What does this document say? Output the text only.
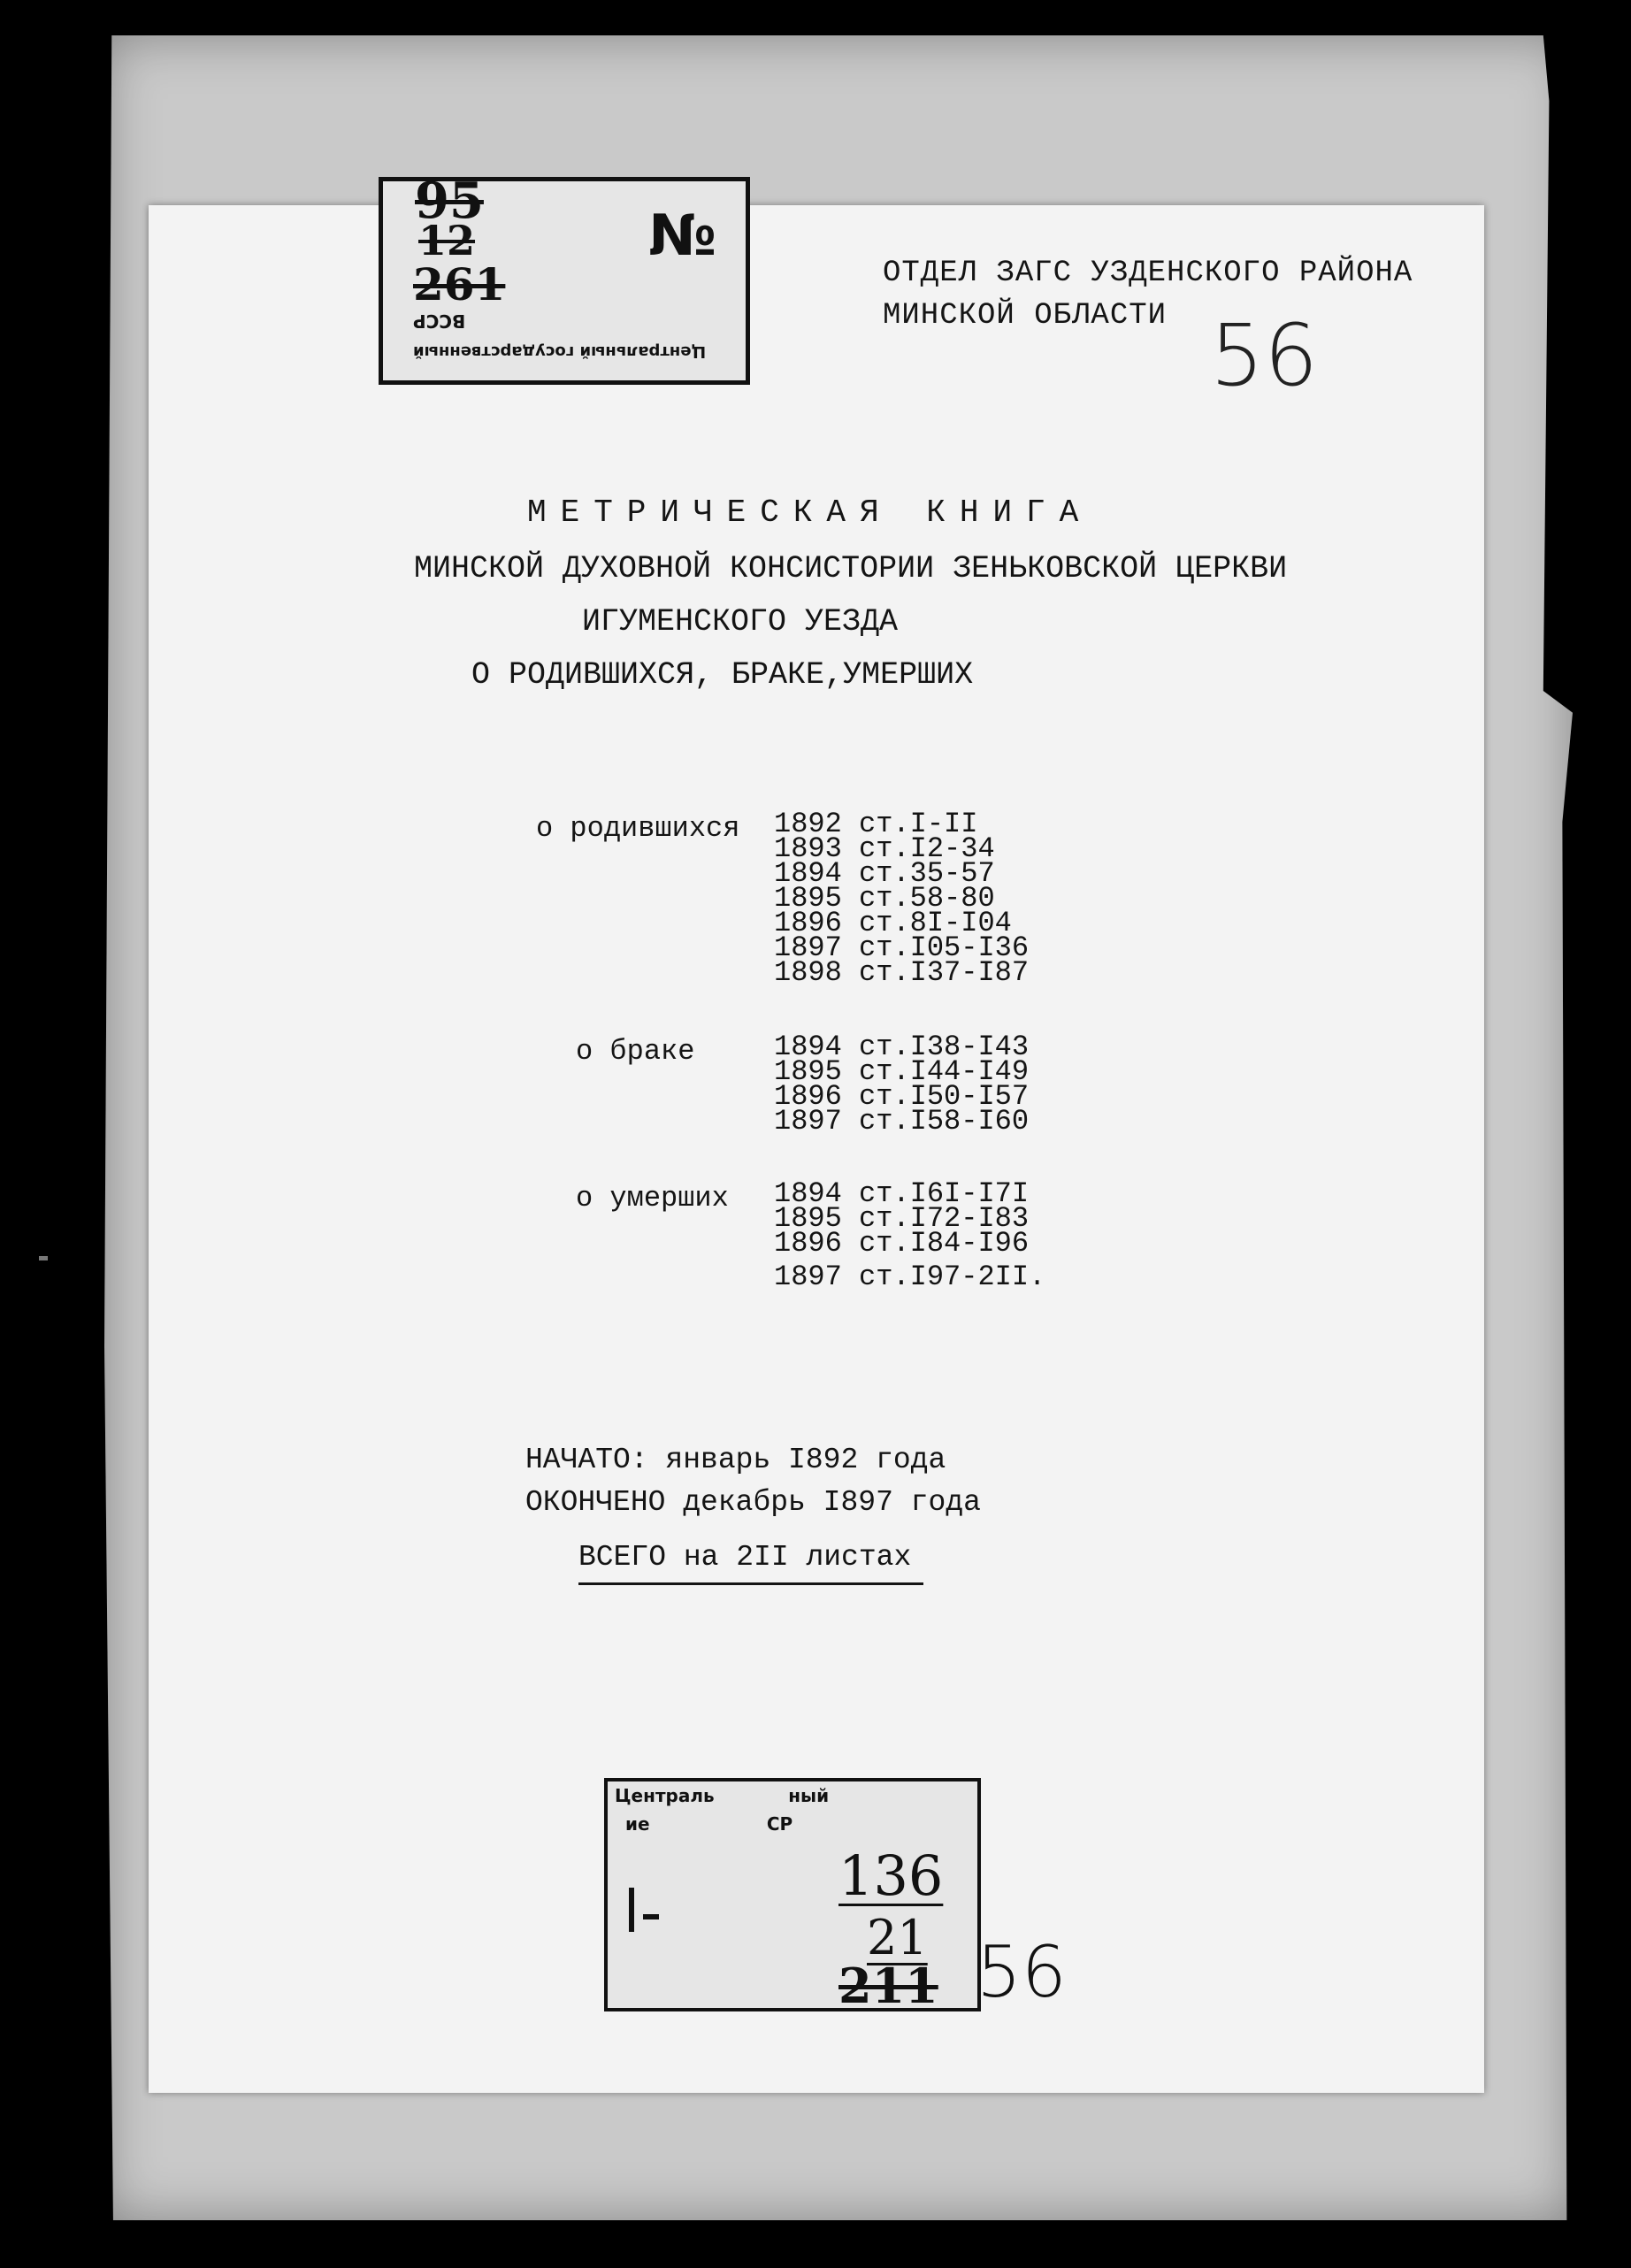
95
12
261
ВССР
Центральный государственный
№
ОТДЕЛ ЗАГС УЗДЕНСКОГО РАЙОНА
МИНСКОЙ ОБЛАСТИ 56
МЕТРИЧЕСКАЯ КНИГА
МИНСКОЙ ДУХОВНОЙ КОНСИСТОРИИ ЗЕНЬКОВСКОЙ ЦЕРКВИ
ИГУМЕНСКОГО УЕЗДА
О РОДИВШИХСЯ, БРАКЕ,УМЕРШИХ
о родившихся 1892 ст.I-II
1893 ст.I2-34
1894 ст.35-57
1895 ст.58-80
1896 ст.8I-I04
1897 ст.I05-I36
1898 ст.I37-I87
о браке	1894 ст.I38-I43
1895 ст.I44-I49
1896 ст.I50-I57
1897 ст.I58-I60
о умерших 1894 ст.I6I-I7I
1895 ст.I72-I83
1896 ст.I84-I96
1897 ст.I97-2II.
НАЧАТО: январь I892 года
ОКОНЧЕНО декабрь I897 года
ВСЕГО на 2II листах
Централь            ный
ие                   СР
136
21
211 56
